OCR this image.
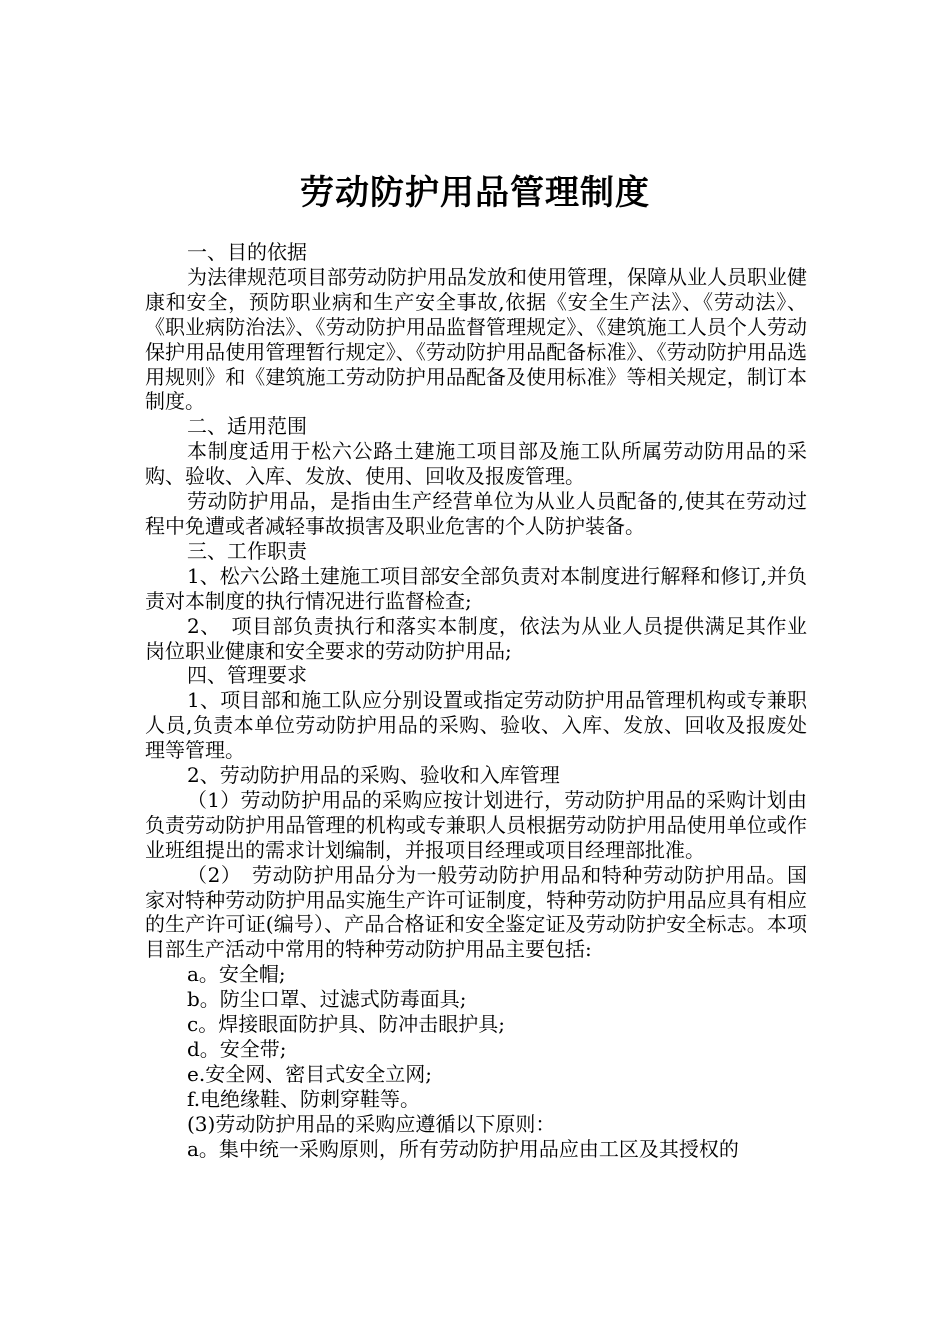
劳动防护用品管理制度

一、目的依据

为法律规范项目部劳动防护用品发放和使用管理，保障从业人员职业健康和安全，预防职业病和生产安全事故,依据《安全生产法》、《劳动法》、《职业病防治法》、《劳动防护用品监督管理规定》、《建筑施工人员个人劳动保护用品使用管理暂行规定》、《劳动防护用品配备标准》、《劳动防护用品选用规则》和《建筑施工劳动防护用品配备及使用标准》等相关规定，制订本制度。

二、适用范围

本制度适用于松六公路土建施工项目部及施工队所属劳动防用品的采购、验收、入库、发放、使用、回收及报废管理。

劳动防护用品，是指由生产经营单位为从业人员配备的,使其在劳动过程中免遭或者减轻事故损害及职业危害的个人防护装备。

三、工作职责

1、松六公路土建施工项目部安全部负责对本制度进行解释和修订,并负责对本制度的执行情况进行监督检查;

2、　项目部负责执行和落实本制度，依法为从业人员提供满足其作业岗位职业健康和安全要求的劳动防护用品;

四、管理要求

1、项目部和施工队应分别设置或指定劳动防护用品管理机构或专兼职人员,负责本单位劳动防护用品的采购、验收、入库、发放、回收及报废处理等管理。

2、劳动防护用品的采购、验收和入库管理

（1）劳动防护用品的采购应按计划进行，劳动防护用品的采购计划由负责劳动防护用品管理的机构或专兼职人员根据劳动防护用品使用单位或作业班组提出的需求计划编制，并报项目经理或项目经理部批准。

（2）　劳动防护用品分为一般劳动防护用品和特种劳动防护用品。国家对特种劳动防护用品实施生产许可证制度，特种劳动防护用品应具有相应的生产许可证(编号）、产品合格证和安全鉴定证及劳动防护安全标志。本项目部生产活动中常用的特种劳动防护用品主要包括:

a。安全帽;

b。防尘口罩、过滤式防毒面具;

c。焊接眼面防护具、防冲击眼护具;

d。安全带;

e.安全网、密目式安全立网;

f.电绝缘鞋、防刺穿鞋等。

(3)劳动防护用品的采购应遵循以下原则：

a。集中统一采购原则，所有劳动防护用品应由工区及其授权的
